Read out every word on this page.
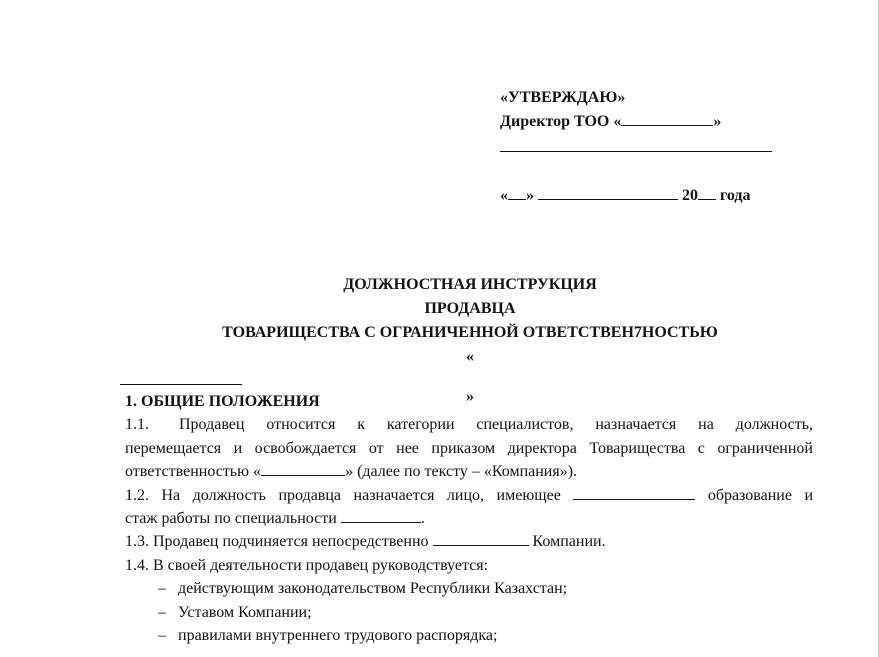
«УТВЕРЖДАЮ»
Директор ТОО «	»
« »	20 года
ДОЛЖНОСТНАЯ ИНСТРУКЦИЯ
ПРОДАВЦА
ТОВАРИЩЕСТВА С ОГРАНИЧЕННОЙ ОТВЕТСТВЕН7НОСТЬЮ
«
»
1. ОБЩИЕ ПОЛОЖЕНИЯ
1.1. Продавец относится к категории специалистов, назначается на должность,
перемещается и освобождается от нее приказом директора Товарищества с ограниченной
ответственностью «	» (далее по тексту – «Компания»).
1.2. На должность продавца назначается лицо, имеющее	образование и
стаж работы по специальности	.
1.3. Продавец подчиняется непосредственно	Компании.
1.4. В своей деятельности продавец руководствуется:
– действующим законодательством Республики Казахстан;
– Уставом Компании;
– правилами внутреннего трудового распорядка;
